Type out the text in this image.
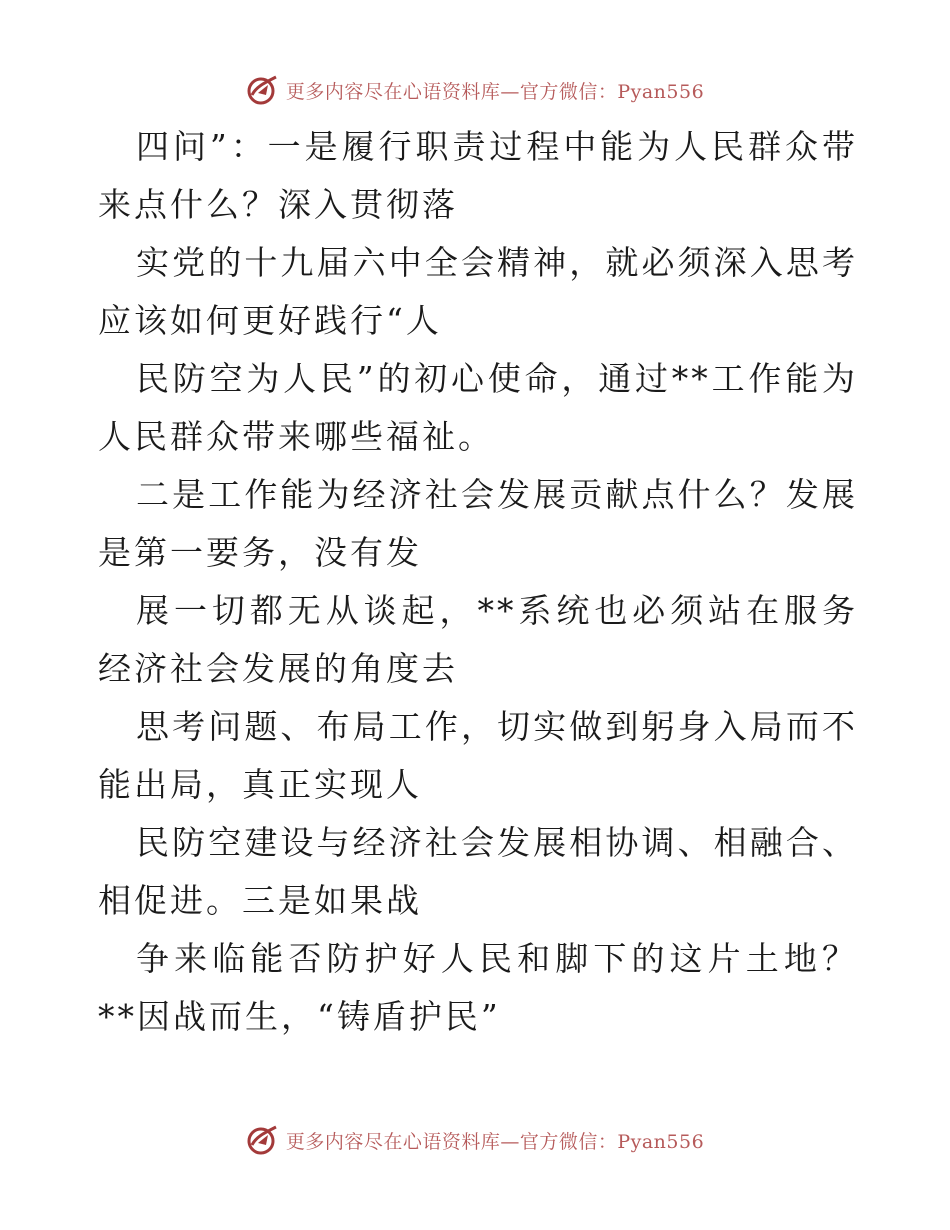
更多内容尽在心语资料库—官方微信：Pyan556

四问”：一是履行职责过程中能为人民群众带来点什么？深入贯彻落

实党的十九届六中全会精神，就必须深入思考应该如何更好践行“人

民防空为人民”的初心使命，通过**工作能为人民群众带来哪些福祉。

二是工作能为经济社会发展贡献点什么？发展是第一要务，没有发

展一切都无从谈起，**系统也必须站在服务经济社会发展的角度去

思考问题、布局工作，切实做到躬身入局而不能出局，真正实现人

民防空建设与经济社会发展相协调、相融合、相促进。三是如果战

争来临能否防护好人民和脚下的这片土地？**因战而生，“铸盾护民”

更多内容尽在心语资料库—官方微信：Pyan556
